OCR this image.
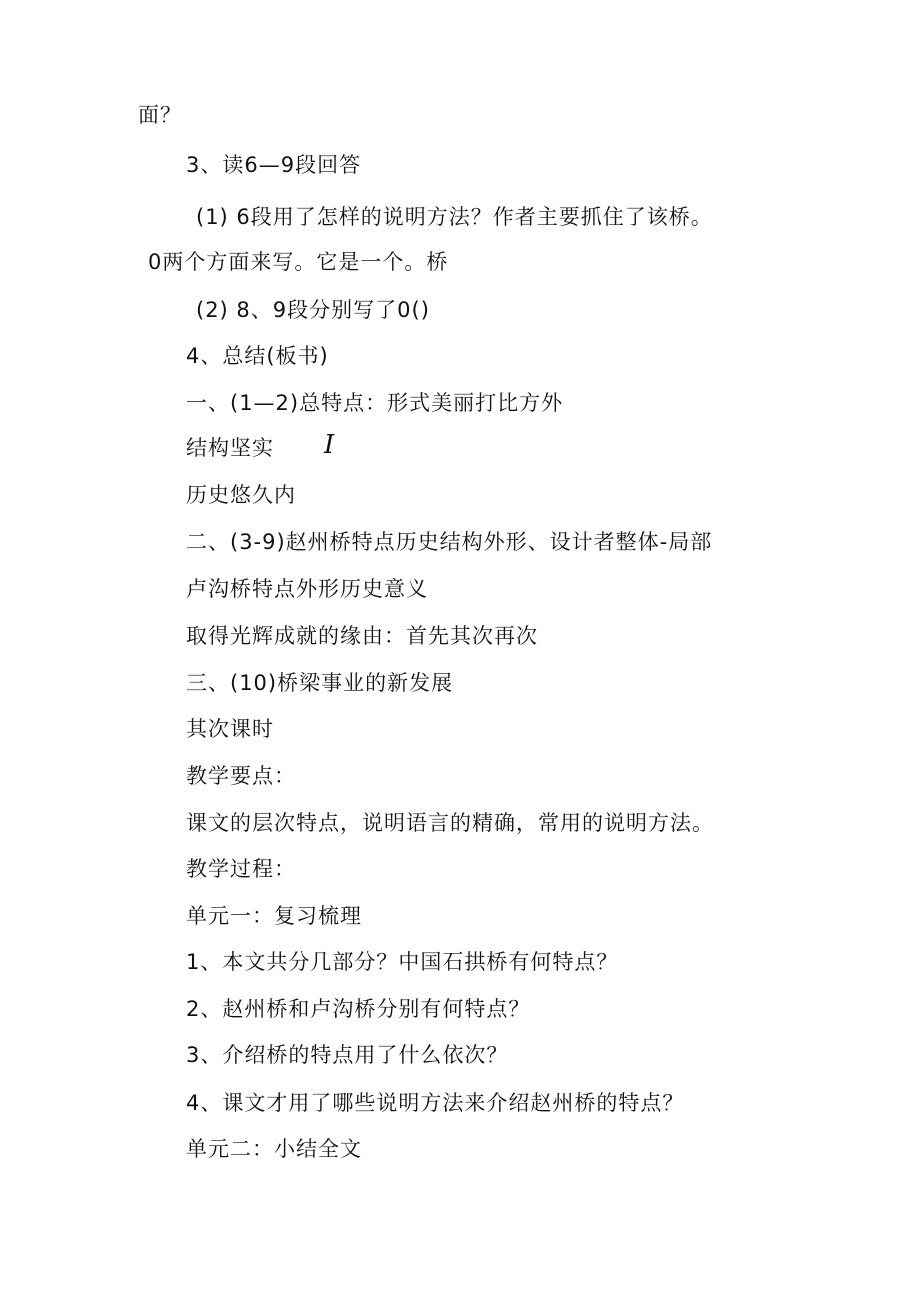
面？
3、读6—9段回答
(1) 6段用了怎样的说明方法？作者主要抓住了该桥。
0两个方面来写。它是一个。桥
(2) 8、9段分别写了0()
4、总结(板书)
一、(1—2)总特点：形式美丽打比方外
结构坚实 I
历史悠久内
二、(3-9)赵州桥特点历史结构外形、设计者整体-局部
卢沟桥特点外形历史意义
取得光辉成就的缘由：首先其次再次
三、(10)桥梁事业的新发展
其次课时
教学要点：
课文的层次特点，说明语言的精确，常用的说明方法。
教学过程：
单元一：复习梳理
1、本文共分几部分？中国石拱桥有何特点？
2、赵州桥和卢沟桥分别有何特点？
3、介绍桥的特点用了什么依次？
4、课文才用了哪些说明方法来介绍赵州桥的特点？
单元二：小结全文
